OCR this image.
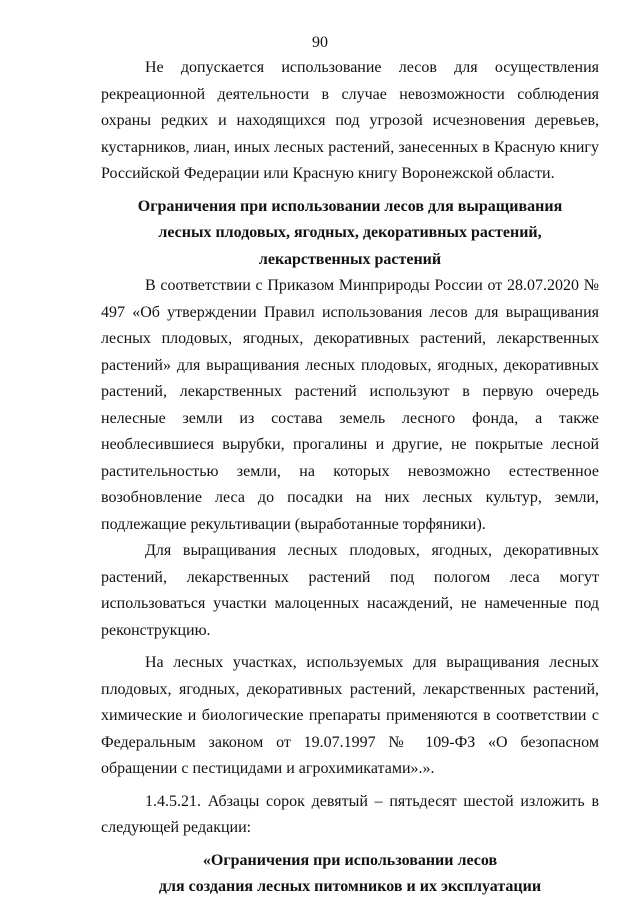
90

Не допускается использование лесов для осуществления рекреационной деятельности в случае невозможности соблюдения охраны редких и находящихся под угрозой исчезновения деревьев, кустарников, лиан, иных лесных растений, занесенных в Красную книгу Российской Федерации или Красную книгу Воронежской области.

Ограничения при использовании лесов для выращивания
лесных плодовых, ягодных, декоративных растений,
лекарственных растений

В соответствии с Приказом Минприроды России от 28.07.2020 № 497 «Об утверждении Правил использования лесов для выращивания лесных плодовых, ягодных, декоративных растений, лекарственных растений» для выращивания лесных плодовых, ягодных, декоративных растений, лекарственных растений используют в первую очередь нелесные земли из состава земель лесного фонда, а также необлесившиеся вырубки, прогалины и другие, не покрытые лесной растительностью земли, на которых невозможно естественное возобновление леса до посадки на них лесных культур, земли, подлежащие рекультивации (выработанные торфяники).

Для выращивания лесных плодовых, ягодных, декоративных растений, лекарственных растений под пологом леса могут использоваться участки малоценных насаждений, не намеченные под реконструкцию.

На лесных участках, используемых для выращивания лесных плодовых, ягодных, декоративных растений, лекарственных растений, химические и биологические препараты применяются в соответствии с Федеральным законом от 19.07.1997 № 109-ФЗ «О безопасном обращении с пестицидами и агрохимикатами».».

1.4.5.21. Абзацы сорок девятый – пятьдесят шестой изложить в следующей редакции:

«Ограничения при использовании лесов
для создания лесных питомников и их эксплуатации
